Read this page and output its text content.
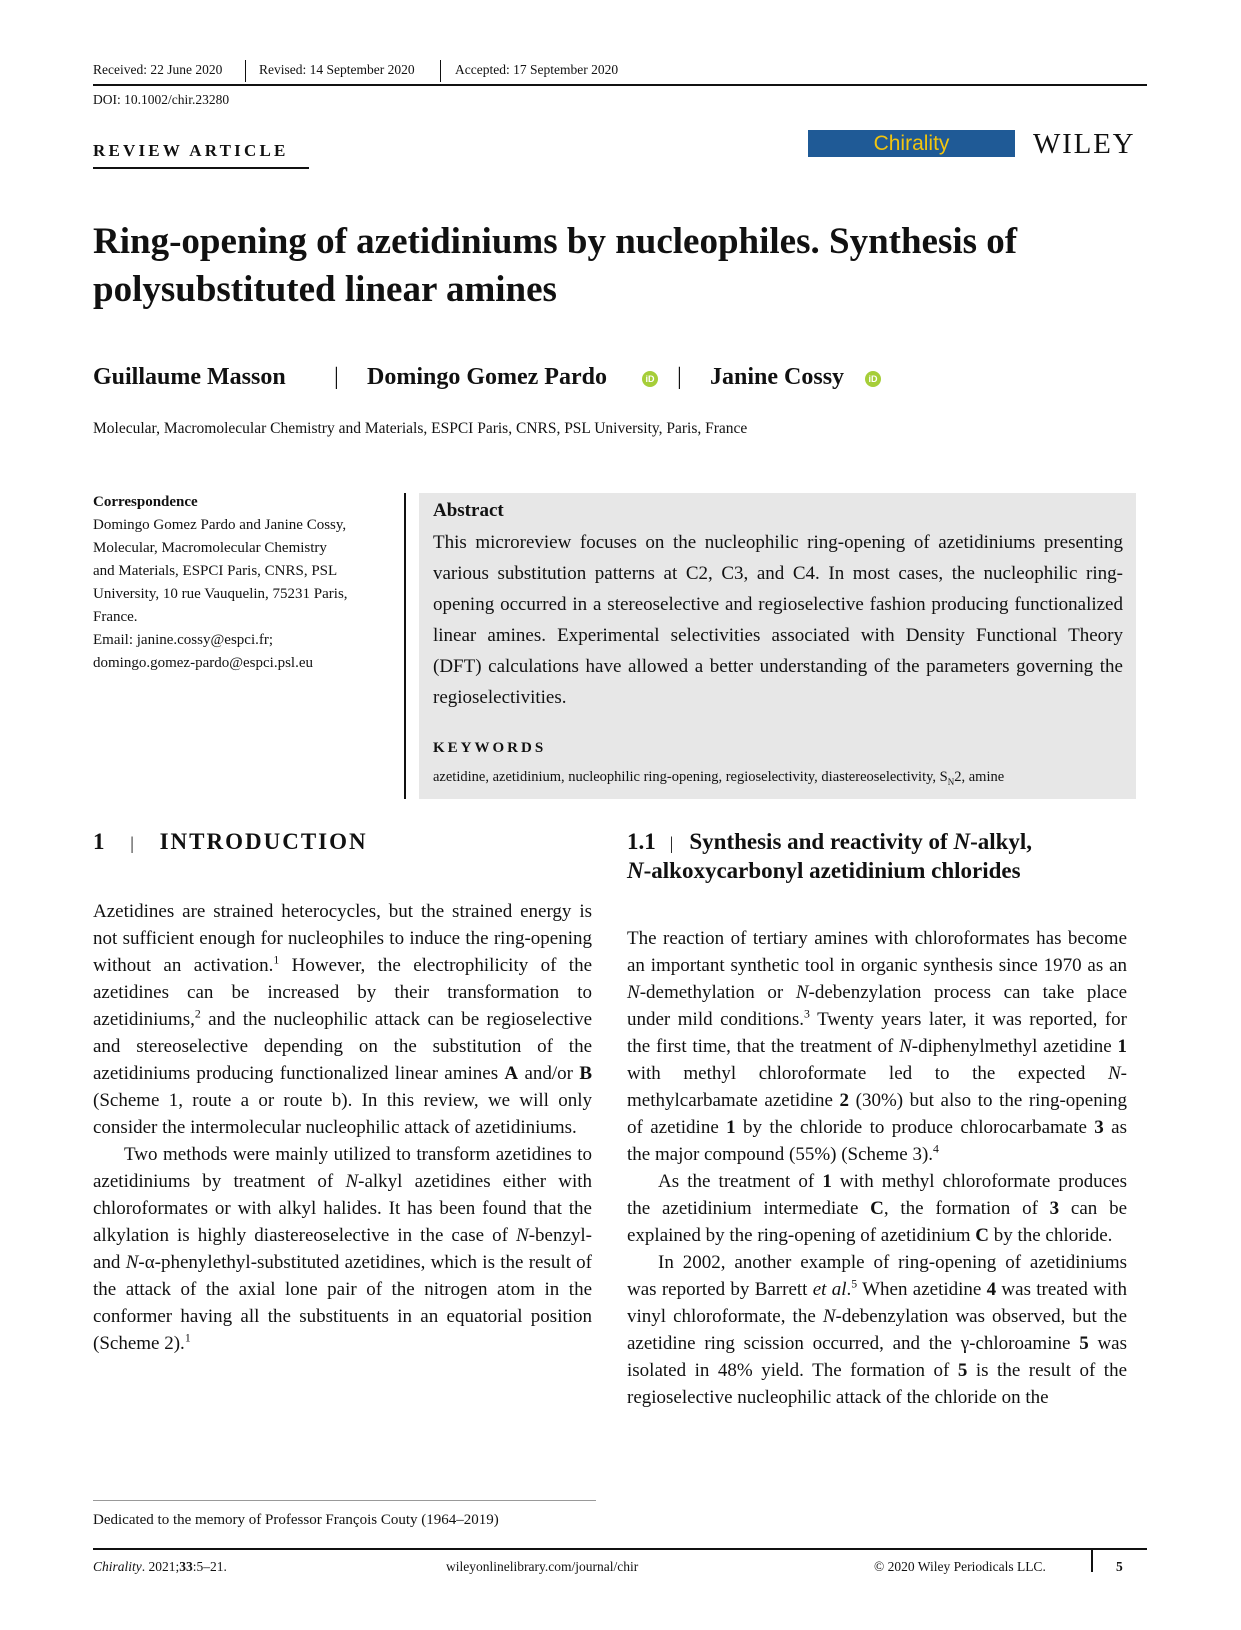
Received: 22 June 2020	Revised: 14 September 2020	Accepted: 17 September 2020
DOI: 10.1002/chir.23280
REVIEW ARTICLE	Chirality	WILEY
Ring-opening of azetidiniums by nucleophiles. Synthesis of polysubstituted linear amines
Guillaume Masson | Domingo Gomez Pardo	iD | Janine Cossy	iD
Molecular, Macromolecular Chemistry and Materials, ESPCI Paris, CNRS, PSL University, Paris, France
Correspondence
Domingo Gomez Pardo and Janine Cossy,
Molecular, Macromolecular Chemistry
and Materials, ESPCI Paris, CNRS, PSL
University, 10 rue Vauquelin, 75231 Paris,
France.
Email: janine.cossy@espci.fr;
domingo.gomez-pardo@espci.psl.eu
Abstract
This microreview focuses on the nucleophilic ring-opening of azetidiniums presenting various substitution patterns at C2, C3, and C4. In most cases, the nucleophilic ring-opening occurred in a stereoselective and regioselective fashion producing functionalized linear amines. Experimental selectivities associated with Density Functional Theory (DFT) calculations have allowed a better understanding of the parameters governing the regioselectivities.
KEYWORDS
azetidine, azetidinium, nucleophilic ring-opening, regioselectivity, diastereoselectivity, $S_N2$, amine
1 | INTRODUCTION	1.1 | Synthesis and reactivity of N-alkyl,
N-alkoxycarbonyl azetidinium chlorides

Azetidines are strained heterocycles, but the strained energy is not sufficient enough for nucleophiles to induce the ring-opening without an activation.$^1$ However, the electrophilicity of the azetidines can be increased by their transformation to azetidiniums,$^2$ and the nucleophilic attack can be regioselective and stereoselective depending on the substitution of the azetidiniums producing functionalized linear amines A and/or B (Scheme 1, route a or route b). In this review, we will only consider the intermolecular nucleophilic attack of azetidiniums.

Two methods were mainly utilized to transform azetidines to azetidiniums by treatment of N-alkyl azetidines either with chloroformates or with alkyl halides. It has been found that the alkylation is highly diastereoselective in the case of N-benzyl- and N-α-phenylethyl-substituted azetidines, which is the result of the attack of the axial lone pair of the nitrogen atom in the conformer having all the substituents in an equatorial position (Scheme 2).$^1$

The reaction of tertiary amines with chloroformates has become an important synthetic tool in organic synthesis since 1970 as an N-demethylation or N-debenzylation process can take place under mild conditions.$^3$ Twenty years later, it was reported, for the first time, that the treatment of N-diphenylmethyl azetidine 1 with methyl chloroformate led to the expected N-methylcarbamate azetidine 2 (30%) but also to the ring-opening of azetidine 1 by the chloride to produce chlorocarbamate 3 as the major compound (55%) (Scheme 3).$^4$

As the treatment of 1 with methyl chloroformate produces the azetidinium intermediate C, the formation of 3 can be explained by the ring-opening of azetidinium C by the chloride.

In 2002, another example of ring-opening of azetidiniums was reported by Barrett et al.$^5$ When azetidine 4 was treated with vinyl chloroformate, the N-debenzylation was observed, but the azetidine ring scission occurred, and the γ-chloroamine 5 was isolated in 48% yield. The formation of 5 is the result of the regioselective nucleophilic attack of the chloride on the

Dedicated to the memory of Professor François Couty (1964–2019)
Chirality. 2021;33:5–21.	wileyonlinelibrary.com/journal/chir	© 2020 Wiley Periodicals LLC.	5
